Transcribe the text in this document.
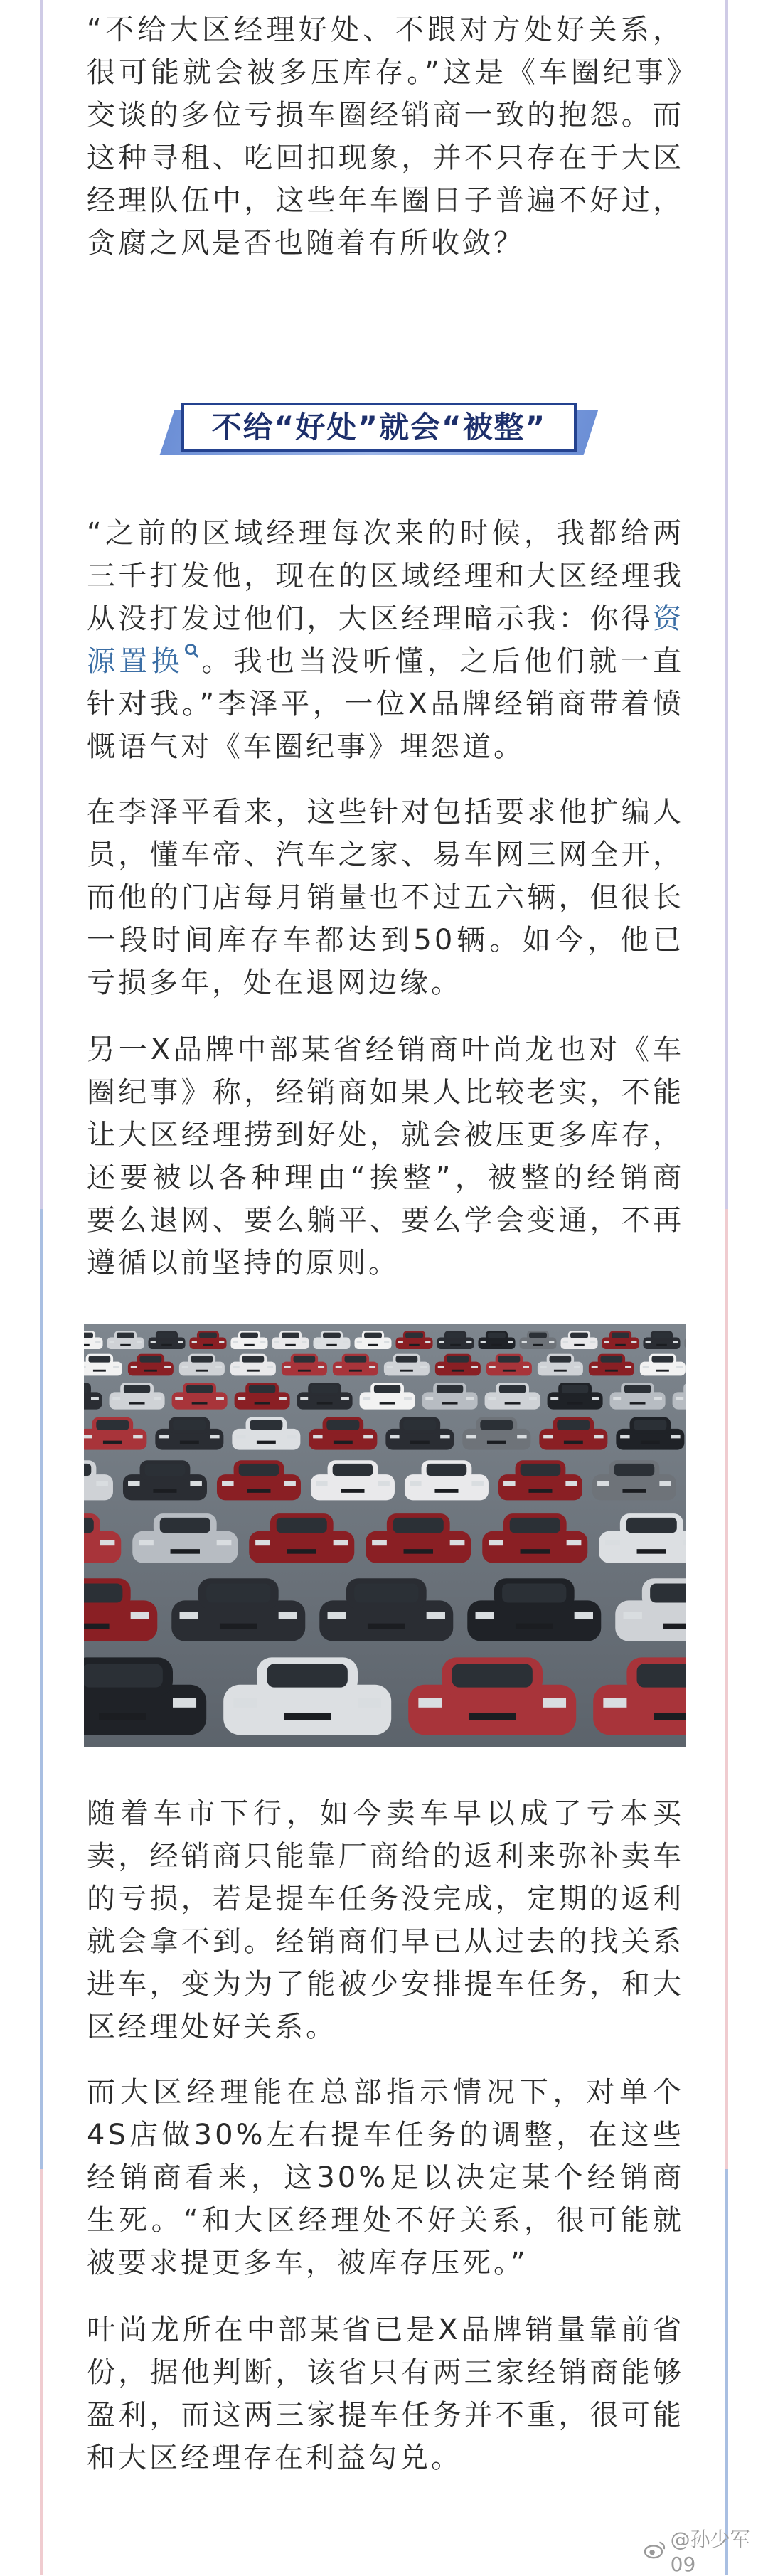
“不给大区经理好处、不跟对方处好关系，很可能就会被多压库存。”这是《车圈纪事》交谈的多位亏损车圈经销商一致的抱怨。而这种寻租、吃回扣现象，并不只存在于大区经理队伍中，这些年车圈日子普遍不好过，贪腐之风是否也随着有所收敛？

“之前的区域经理每次来的时候，我都给两三千打发他，现在的区域经理和大区经理我从没打发过他们，大区经理暗示我：你得资源置换 。我也当没听懂，之后他们就一直针对我。”李泽平，一位X品牌经销商带着愤慨语气对《车圈纪事》埋怨道。

在李泽平看来，这些针对包括要求他扩编人员，懂车帝、汽车之家、易车网三网全开，而他的门店每月销量也不过五六辆，但很长一段时间库存车都达到50辆。如今，他已亏损多年，处在退网边缘。

另一X品牌中部某省经销商叶尚龙也对《车圈纪事》称，经销商如果人比较老实，不能让大区经理捞到好处，就会被压更多库存，还要被以各种理由“挨整”，被整的经销商要么退网、要么躺平、要么学会变通，不再遵循以前坚持的原则。

随着车市下行，如今卖车早以成了亏本买卖，经销商只能靠厂商给的返利来弥补卖车的亏损，若是提车任务没完成，定期的返利就会拿不到。经销商们早已从过去的找关系进车，变为为了能被少安排提车任务，和大区经理处好关系。

而大区经理能在总部指示情况下，对单个4S店做30%左右提车任务的调整，在这些经销商看来，这30%足以决定某个经销商生死。“和大区经理处不好关系，很可能就被要求提更多车，被库存压死。”

叶尚龙所在中部某省已是X品牌销量靠前省份，据他判断，该省只有两三家经销商能够盈利，而这两三家提车任务并不重，很可能和大区经理存在利益勾兑。

不给“好处”就会“被整”
@孙少军09
